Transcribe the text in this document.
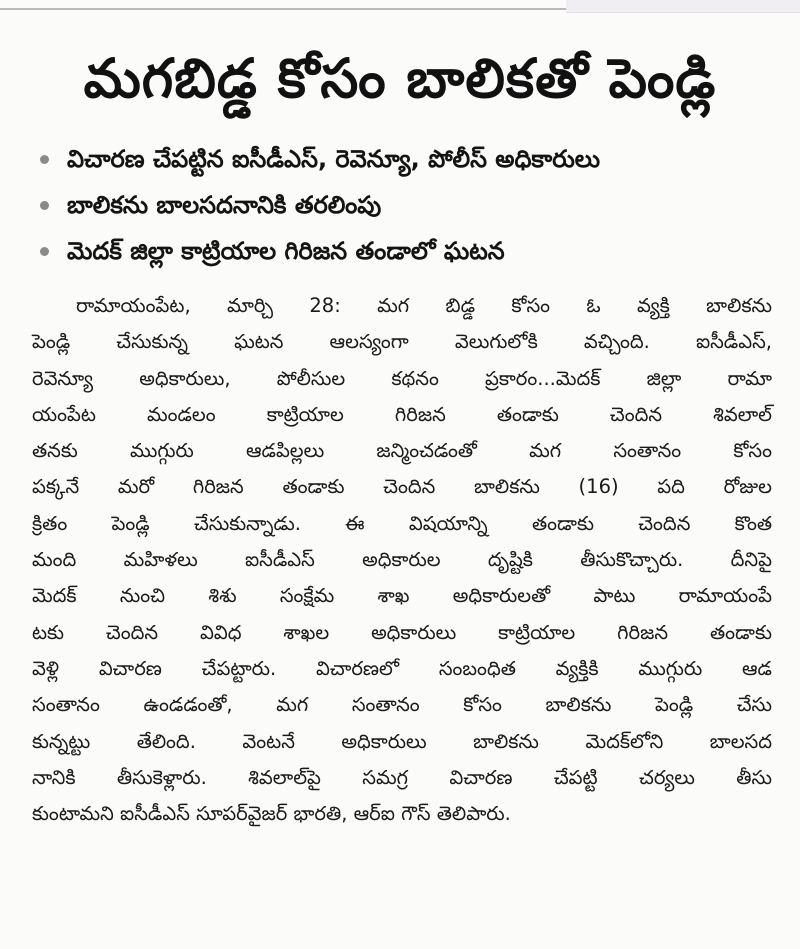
మగబిడ్డ కోసం బాలికతో పెండ్లి
విచారణ చేపట్టిన ఐసీడీఎస్, రెవెన్యూ, పోలీస్ అధికారులు
బాలికను బాలసదనానికి తరలింపు
మెదక్ జిల్లా కాట్రియాల గిరిజన తండాలో ఘటన
రామాయంపేట, మార్చి 28: మగ బిడ్డ కోసం ఓ వ్యక్తి బాలికను
పెండ్లి చేసుకున్న ఘటన ఆలస్యంగా వెలుగులోకి వచ్చింది. ఐసీడీఎస్,
రెవెన్యూ అధికారులు, పోలీసుల కథనం ప్రకారం...మెదక్ జిల్లా రామా
యంపేట మండలం కాట్రియాల గిరిజన తండాకు చెందిన శివలాల్
తనకు ముగ్గురు ఆడపిల్లలు జన్మించడంతో మగ సంతానం కోసం
పక్కనే మరో గిరిజన తండాకు చెందిన బాలికను (16) పది రోజుల
క్రితం పెండ్లి చేసుకున్నాడు. ఈ విషయాన్ని తండాకు చెందిన కొంత
మంది మహిళలు ఐసీడీఎస్ అధికారుల దృష్టికి తీసుకొచ్చారు. దీనిపై
మెదక్ నుంచి శిశు సంక్షేమ శాఖ అధికారులతో పాటు రామాయంపే
టకు చెందిన వివిధ శాఖల అధికారులు కాట్రియాల గిరిజన తండాకు
వెళ్లి విచారణ చేపట్టారు. విచారణలో సంబంధిత వ్యక్తికి ముగ్గురు ఆడ
సంతానం ఉండడంతో, మగ సంతానం కోసం బాలికను పెండ్లి చేసు
కున్నట్టు తేలింది. వెంటనే అధికారులు బాలికను మెదక్‌లోని బాలసద
నానికి తీసుకెళ్లారు. శివలాల్‌పై సమగ్ర విచారణ చేపట్టి చర్యలు తీసు
కుంటామని ఐసీడీఎస్ సూపర్‌వైజర్ భారతి, ఆర్ఐ గౌస్ తెలిపారు.
